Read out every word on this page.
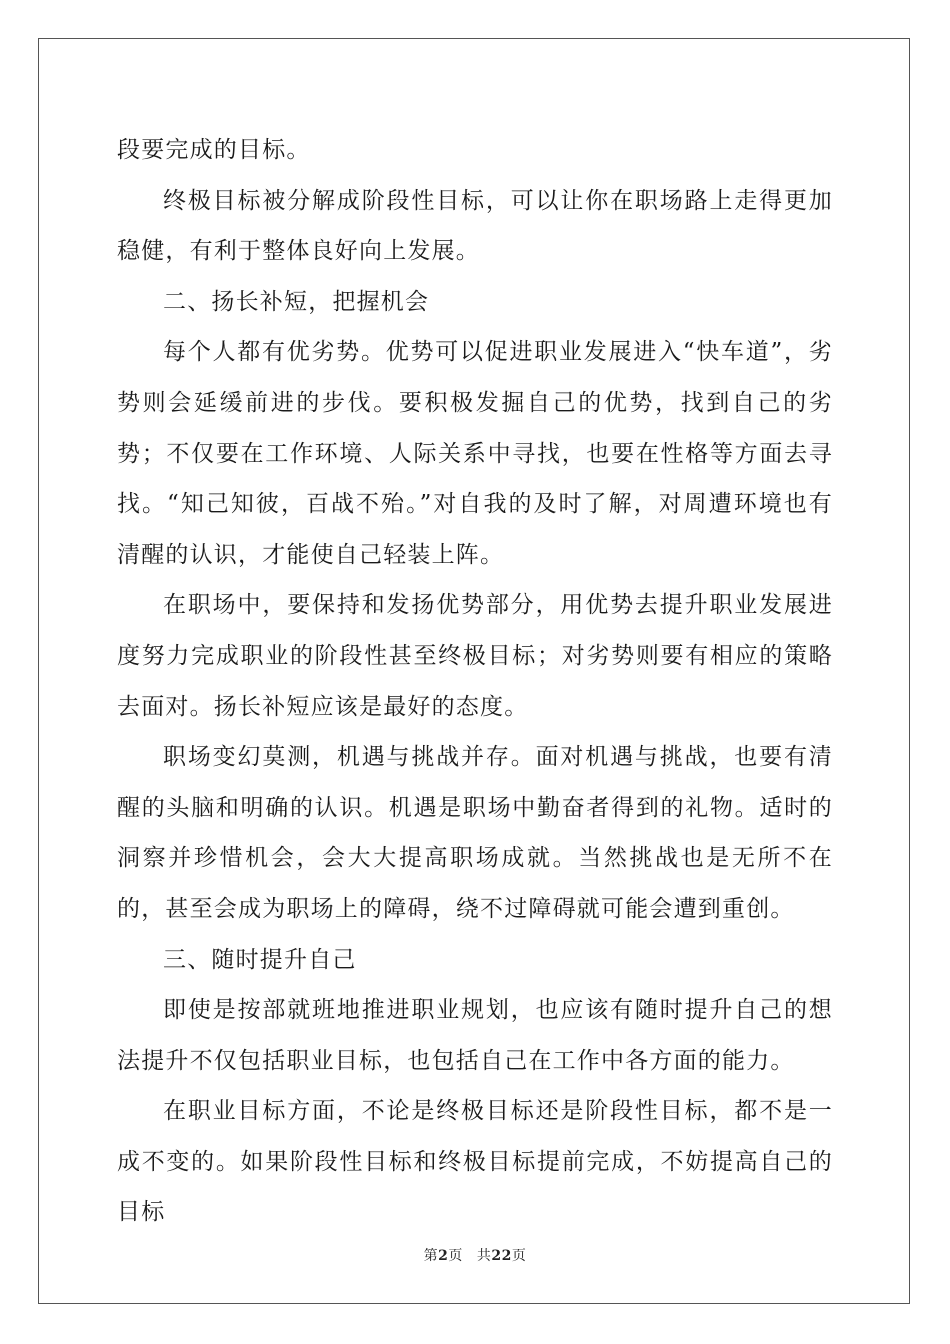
段要完成的目标。

终极目标被分解成阶段性目标，可以让你在职场路上走得更加稳健，有利于整体良好向上发展。

二、扬长补短，把握机会

每个人都有优劣势。优势可以促进职业发展进入“快车道”，劣势则会延缓前进的步伐。要积极发掘自己的优势，找到自己的劣势；不仅要在工作环境、人际关系中寻找，也要在性格等方面去寻找。“知己知彼，百战不殆。”对自我的及时了解，对周遭环境也有清醒的认识，才能使自己轻装上阵。

在职场中，要保持和发扬优势部分，用优势去提升职业发展进度努力完成职业的阶段性甚至终极目标；对劣势则要有相应的策略去面对。扬长补短应该是最好的态度。

职场变幻莫测，机遇与挑战并存。面对机遇与挑战，也要有清醒的头脑和明确的认识。机遇是职场中勤奋者得到的礼物。适时的洞察并珍惜机会，会大大提高职场成就。当然挑战也是无所不在的，甚至会成为职场上的障碍，绕不过障碍就可能会遭到重创。

三、随时提升自己

即使是按部就班地推进职业规划，也应该有随时提升自己的想法提升不仅包括职业目标，也包括自己在工作中各方面的能力。

在职业目标方面，不论是终极目标还是阶段性目标，都不是一成不变的。如果阶段性目标和终极目标提前完成，不妨提高自己的目标

第2页 共22页
